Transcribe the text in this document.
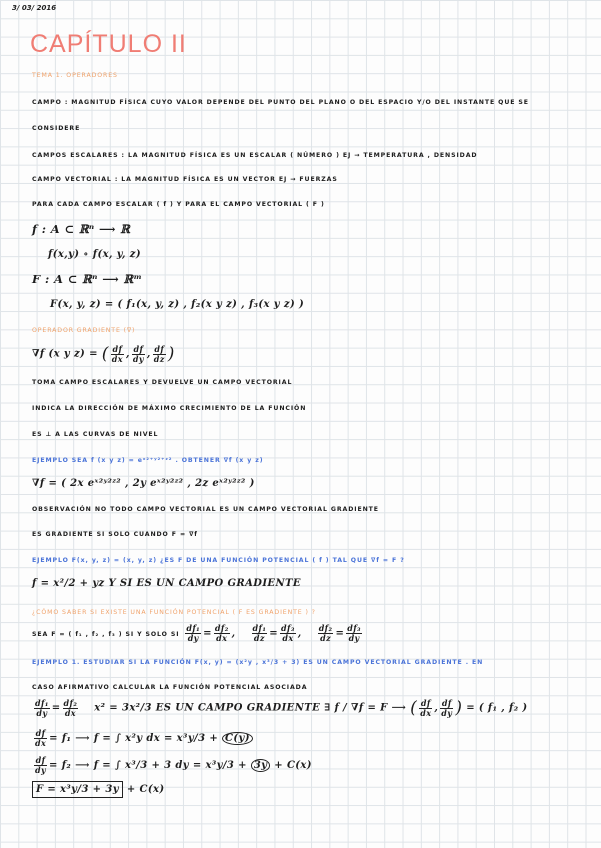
3/ 03/ 2016
CAPÍTULO II
TEMA 1. OPERADORES
CAMPO : MAGNITUD FÍSICA CUYO VALOR DEPENDE DEL PUNTO DEL PLANO O DEL ESPACIO Y/O DEL INSTANTE QUE SE
CONSIDERE
CAMPOS ESCALARES : LA MAGNITUD FÍSICA ES UN ESCALAR ( NÚMERO ) EJ → TEMPERATURA , DENSIDAD
CAMPO VECTORIAL : LA MAGNITUD FÍSICA ES UN VECTOR EJ → FUERZAS
PARA CADA CAMPO ESCALAR ( f ) Y PARA EL CAMPO VECTORIAL ( F )
f : A ⊂ ℝⁿ ⟶ ℝ
f(x,y) ∘ f(x, y, z)
F : A ⊂ ℝⁿ ⟶ ℝᵐ
F(x, y, z) = ( f₁(x, y, z) , f₂(x y z) , f₃(x y z) )
OPERADOR GRADIENTE (∇)
∇f (x y z) = ( $\frac{df}{dx}$ , $\frac{df}{dy}$ , $\frac{df}{dz}$ )
TOMA CAMPO ESCALARES Y DEVUELVE UN CAMPO VECTORIAL
INDICA LA DIRECCIÓN DE MÁXIMO CRECIMIENTO DE LA FUNCIÓN
ES ⊥ A LAS CURVAS DE NIVEL
EJEMPLO SEA f (x y z) = eˣ²⁺ʸ²⁺ᶻ² . OBTENER ∇f (x y z)
∇f = ( 2x eˣ²ʸ²ᶻ² , 2y eˣ²ʸ²ᶻ² , 2z eˣ²ʸ²ᶻ² )
OBSERVACIÓN NO TODO CAMPO VECTORIAL ES UN CAMPO VECTORIAL GRADIENTE
ES GRADIENTE SI SOLO CUANDO F = ∇f
EJEMPLO F(x, y, z) = (x, y, z) ¿ES F DE UNA FUNCIÓN POTENCIAL ( f ) TAL QUE ∇f = F ?
f = x²/2 + yz Y SI ES UN CAMPO GRADIENTE
¿CÓMO SABER SI EXISTE UNA FUNCIÓN POTENCIAL ( F ES GRADIENTE ) ?
SEA F = ( f₁ , f₂ , f₃ ) SI Y SOLO SI $\frac{\text{df₁}}{dy} = \frac{\text{df₂}}{dx}$ , $\frac{\text{df₁}}{dz} = \frac{\text{df₃}}{dx}$ , $\frac{\text{df₂}}{dz} = \frac{\text{df₃}}{dy}$
EJEMPLO 1. ESTUDIAR SI LA FUNCIÓN F(x, y) = (x²y , x³/3 + 3) ES UN CAMPO VECTORIAL GRADIENTE . EN
CASO AFIRMATIVO CALCULAR LA FUNCIÓN POTENCIAL ASOCIADA
$\frac{\text{df₁}}{dy} = \frac{\text{df₂}}{dx} x^2 = 3x^2/3$ ES UN CAMPO GRADIENTE ∃ f / ∇f = F ⟶ ( $\frac{df}{dx}$ , $\frac{df}{dy}$ ) = ( f₁ , f₂ )
$\frac{df}{dx} = f_1$ ⟶ f = ∫ x²y dx = x³y/3 + C(y)
$\frac{df}{dy} = f_2$ ⟶ f = ∫ x³/3 + 3 dy = x³y/3 + 3y + C(x)
F = x³y/3 + 3y + C(x)
